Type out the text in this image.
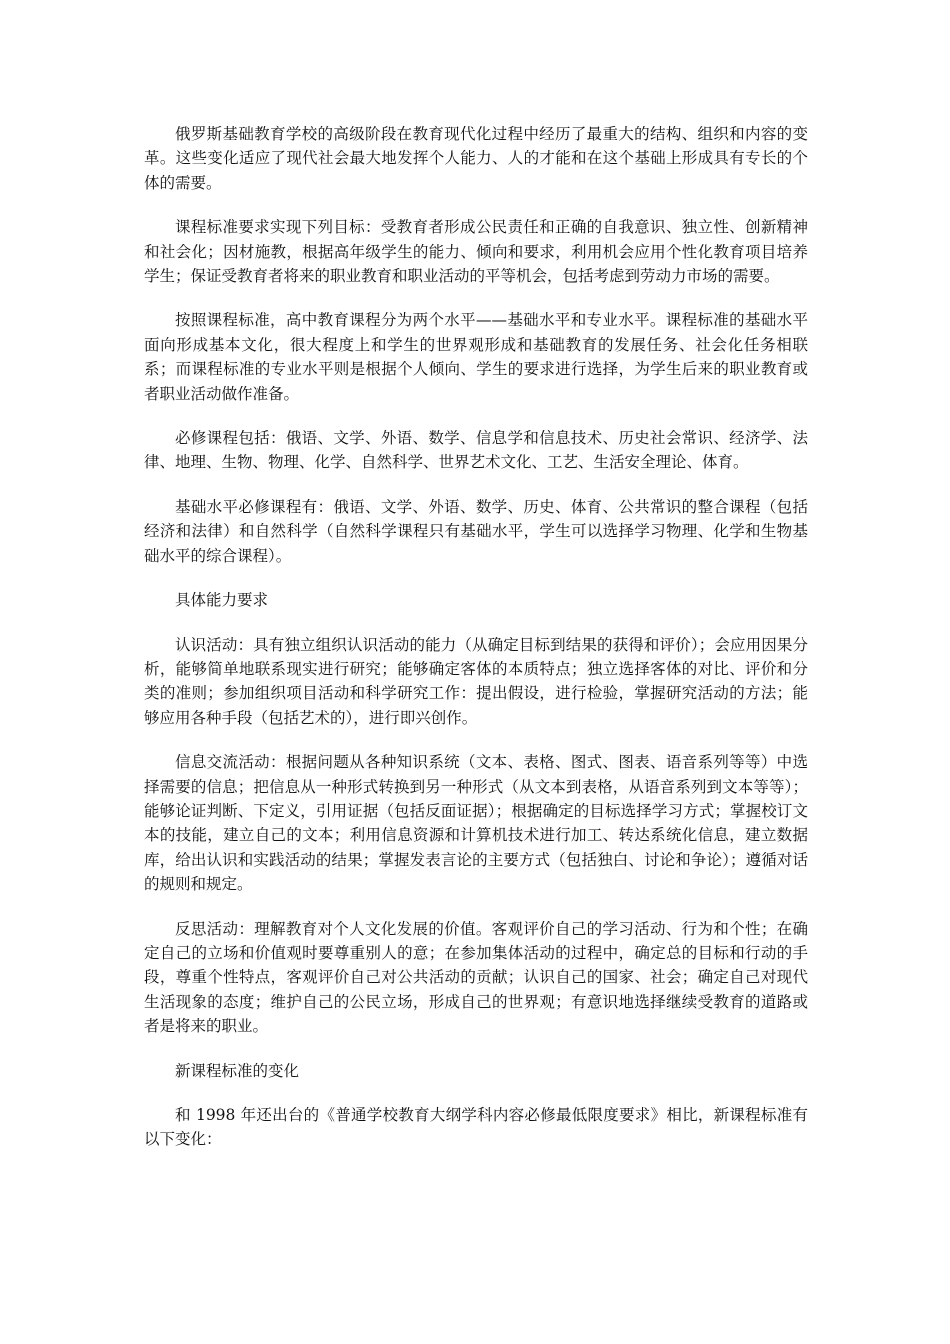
俄罗斯基础教育学校的高级阶段在教育现代化过程中经历了最重大的结构、组织和内容的变革。这些变化适应了现代社会最大地发挥个人能力、人的才能和在这个基础上形成具有专长的个体的需要。

课程标准要求实现下列目标：受教育者形成公民责任和正确的自我意识、独立性、创新精神和社会化；因材施教，根据高年级学生的能力、倾向和要求，利用机会应用个性化教育项目培养学生；保证受教育者将来的职业教育和职业活动的平等机会，包括考虑到劳动力市场的需要。

按照课程标准，高中教育课程分为两个水平——基础水平和专业水平。课程标准的基础水平面向形成基本文化，很大程度上和学生的世界观形成和基础教育的发展任务、社会化任务相联系；而课程标准的专业水平则是根据个人倾向、学生的要求进行选择，为学生后来的职业教育或者职业活动做作准备。

必修课程包括：俄语、文学、外语、数学、信息学和信息技术、历史社会常识、经济学、法律、地理、生物、物理、化学、自然科学、世界艺术文化、工艺、生活安全理论、体育。

基础水平必修课程有：俄语、文学、外语、数学、历史、体育、公共常识的整合课程（包括经济和法律）和自然科学（自然科学课程只有基础水平，学生可以选择学习物理、化学和生物基础水平的综合课程）。

具体能力要求

认识活动：具有独立组织认识活动的能力（从确定目标到结果的获得和评价）；会应用因果分析，能够简单地联系现实进行研究；能够确定客体的本质特点；独立选择客体的对比、评价和分类的准则；参加组织项目活动和科学研究工作：提出假设，进行检验，掌握研究活动的方法；能够应用各种手段（包括艺术的），进行即兴创作。

信息交流活动：根据问题从各种知识系统（文本、表格、图式、图表、语音系列等等）中选择需要的信息；把信息从一种形式转换到另一种形式（从文本到表格，从语音系列到文本等等）；能够论证判断、下定义，引用证据（包括反面证据）；根据确定的目标选择学习方式；掌握校订文本的技能，建立自己的文本；利用信息资源和计算机技术进行加工、转达系统化信息，建立数据库，给出认识和实践活动的结果；掌握发表言论的主要方式（包括独白、讨论和争论）；遵循对话的规则和规定。

反思活动：理解教育对个人文化发展的价值。客观评价自己的学习活动、行为和个性；在确定自己的立场和价值观时要尊重别人的意；在参加集体活动的过程中，确定总的目标和行动的手段，尊重个性特点，客观评价自己对公共活动的贡献；认识自己的国家、社会；确定自己对现代生活现象的态度；维护自己的公民立场，形成自己的世界观；有意识地选择继续受教育的道路或者是将来的职业。

新课程标准的变化

和 1998 年还出台的《普通学校教育大纲学科内容必修最低限度要求》相比，新课程标准有以下变化：
